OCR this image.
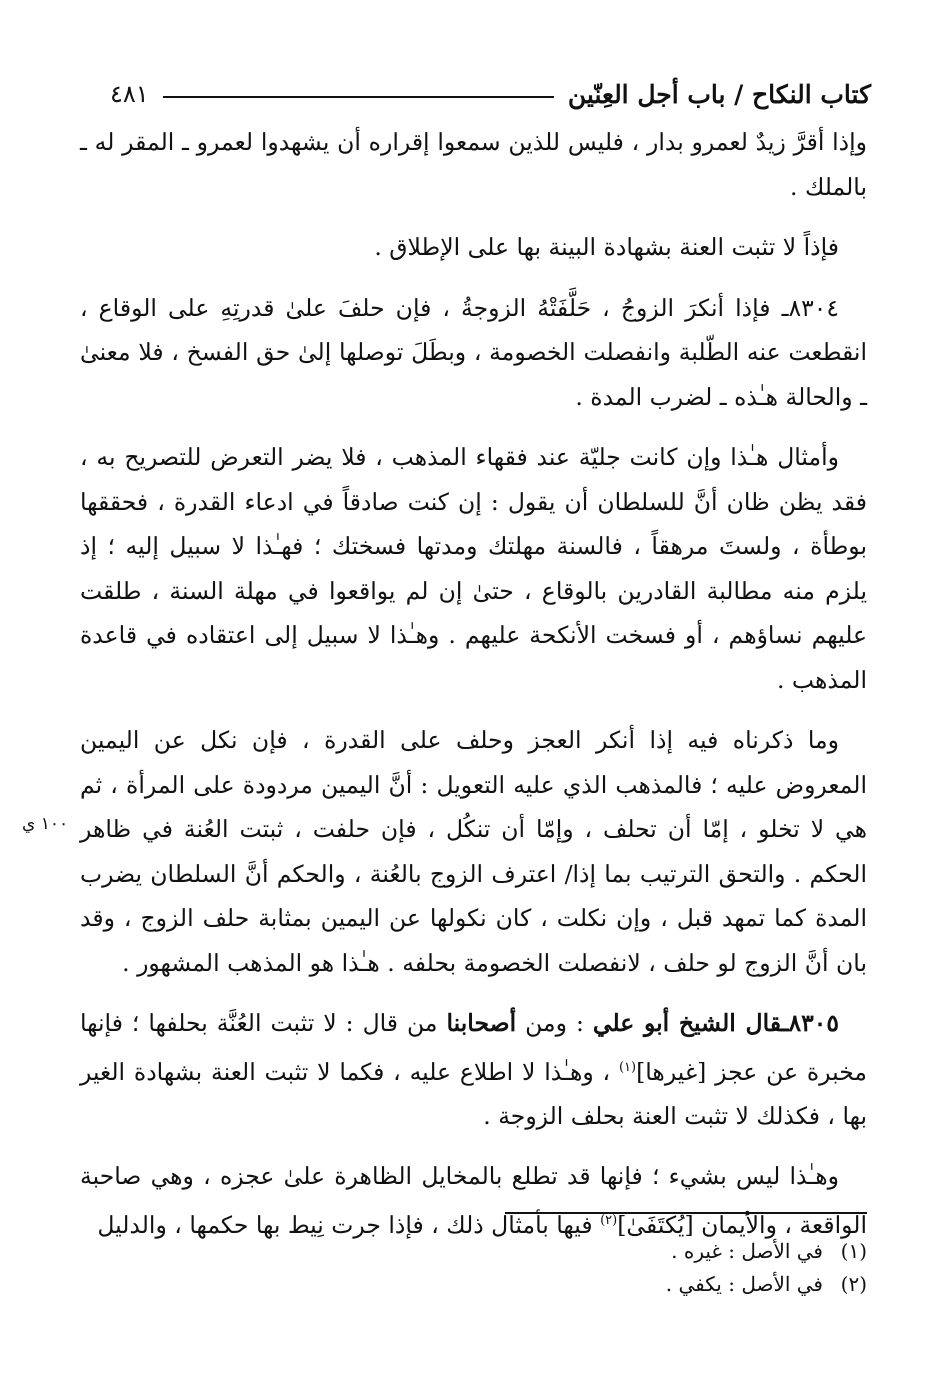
كتاب النكاح / باب أجل العِنّين
٤٨١
١٠٠ ي

وإذا أقرَّ زيدٌ لعمرو بدار ، فليس للذين سمعوا إقراره أن يشهدوا لعمرو ـ المقر له ـ بالملك .

فإذاً لا تثبت العنة بشهادة البينة بها على الإطلاق .

٨٣٠٤ـ فإذا أنكرَ الزوجُ ، حَلَّفَتْهُ الزوجةُ ، فإن حلفَ علىٰ قدرتِهِ على الوقاع ، انقطعت عنه الطّلبة وانفصلت الخصومة ، وبطَلَ توصلها إلىٰ حق الفسخ ، فلا معنىٰ ـ والحالة هـٰذه ـ لضرب المدة .

وأمثال هـٰذا وإن كانت جليّة عند فقهاء المذهب ، فلا يضر التعرض للتصريح به ، فقد يظن ظان أنَّ للسلطان أن يقول : إن كنت صادقاً في ادعاء القدرة ، فحققها بوطأة ، ولستَ مرهقاً ، فالسنة مهلتك ومدتها فسختك ؛ فهـٰذا لا سبيل إليه ؛ إذ يلزم منه مطالبة القادرين بالوقاع ، حتىٰ إن لم يواقعوا في مهلة السنة ، طلقت عليهم نساؤهم ، أو فسخت الأنكحة عليهم . وهـٰذا لا سبيل إلى اعتقاده في قاعدة المذهب .

وما ذكرناه فيه إذا أنكر العجز وحلف على القدرة ، فإن نكل عن اليمين المعروض عليه ؛ فالمذهب الذي عليه التعويل : أنَّ اليمين مردودة على المرأة ، ثم هي لا تخلو ، إمّا أن تحلف ، وإمّا أن تنكُل ، فإن حلفت ، ثبتت العُنة في ظاهر الحكم . والتحق الترتيب بما إذا/ اعترف الزوج بالعُنة ، والحكم أنَّ السلطان يضرب المدة كما تمهد قبل ، وإن نكلت ، كان نكولها عن اليمين بمثابة حلف الزوج ، وقد بان أنَّ الزوج لو حلف ، لانفصلت الخصومة بحلفه . هـٰذا هو المذهب المشهور .

٨٣٠٥ـقال الشيخ أبو علي : ومن أصحابنا من قال : لا تثبت العُنَّة بحلفها ؛ فإنها مخبرة عن عجز [غيرها]$^{(١)}$ ، وهـٰذا لا اطلاع عليه ، فكما لا تثبت العنة بشهادة الغير بها ، فكذلك لا تثبت العنة بحلف الزوجة .

وهـٰذا ليس بشيء ؛ فإنها قد تطلع بالمخايل الظاهرة علىٰ عجزه ، وهي صاحبة الواقعة ، والأيمان [يُكتَفَىٰ]$^{(٢)}$ فيها بأمثال ذلك ، فإذا جرت نِيط بها حكمها ، والدليل

(١)
في الأصل : غيره .
(٢)
في الأصل : يكفي .
